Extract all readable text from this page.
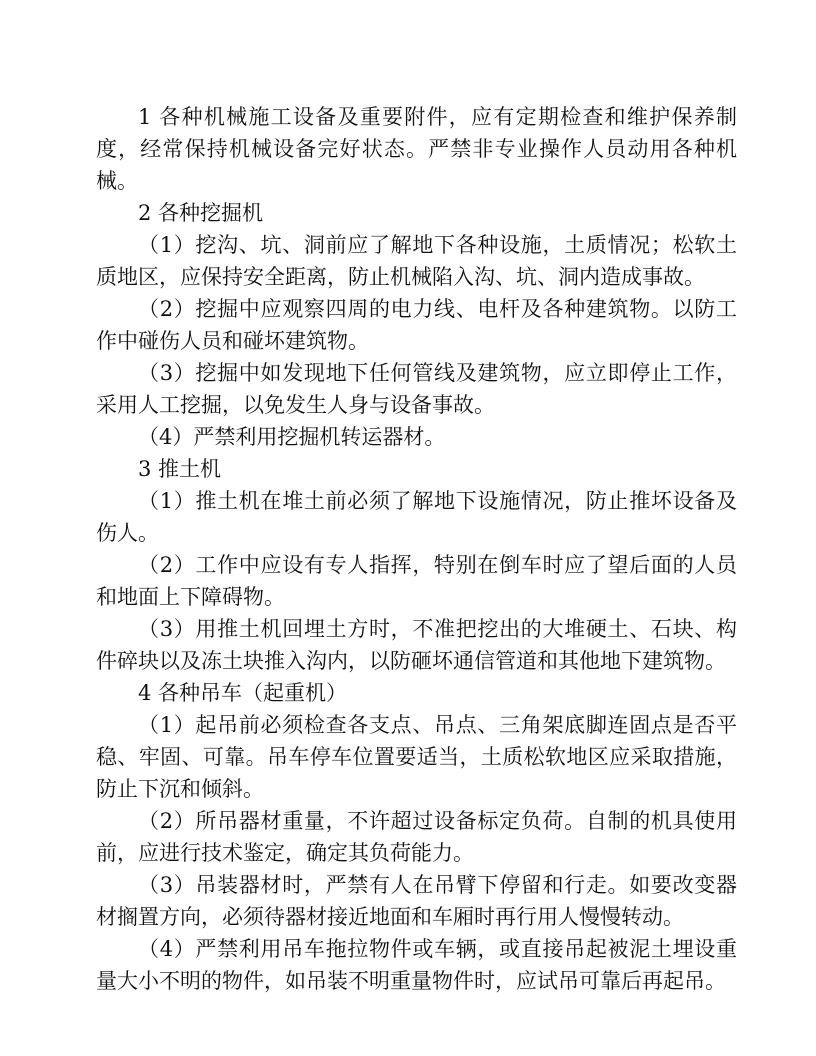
1 各种机械施工设备及重要附件，应有定期检查和维护保养制度，经常保持机械设备完好状态。严禁非专业操作人员动用各种机械。

2 各种挖掘机

（1）挖沟、坑、洞前应了解地下各种设施，土质情况；松软土质地区，应保持安全距离，防止机械陷入沟、坑、洞内造成事故。

（2）挖掘中应观察四周的电力线、电杆及各种建筑物。以防工作中碰伤人员和碰坏建筑物。

（3）挖掘中如发现地下任何管线及建筑物，应立即停止工作，采用人工挖掘，以免发生人身与设备事故。

（4）严禁利用挖掘机转运器材。

3 推土机

（1）推土机在堆土前必须了解地下设施情况，防止推坏设备及伤人。

（2）工作中应设有专人指挥，特别在倒车时应了望后面的人员和地面上下障碍物。

（3）用推土机回埋土方时，不准把挖出的大堆硬土、石块、构件碎块以及冻土块推入沟内，以防砸坏通信管道和其他地下建筑物。

4 各种吊车（起重机）

（1）起吊前必须检查各支点、吊点、三角架底脚连固点是否平稳、牢固、可靠。吊车停车位置要适当，土质松软地区应采取措施，防止下沉和倾斜。

（2）所吊器材重量，不许超过设备标定负荷。自制的机具使用前，应进行技术鉴定，确定其负荷能力。

（3）吊装器材时，严禁有人在吊臂下停留和行走。如要改变器材搁置方向，必须待器材接近地面和车厢时再行用人慢慢转动。

（4）严禁利用吊车拖拉物件或车辆，或直接吊起被泥土埋设重量大小不明的物件，如吊装不明重量物件时，应试吊可靠后再起吊。
